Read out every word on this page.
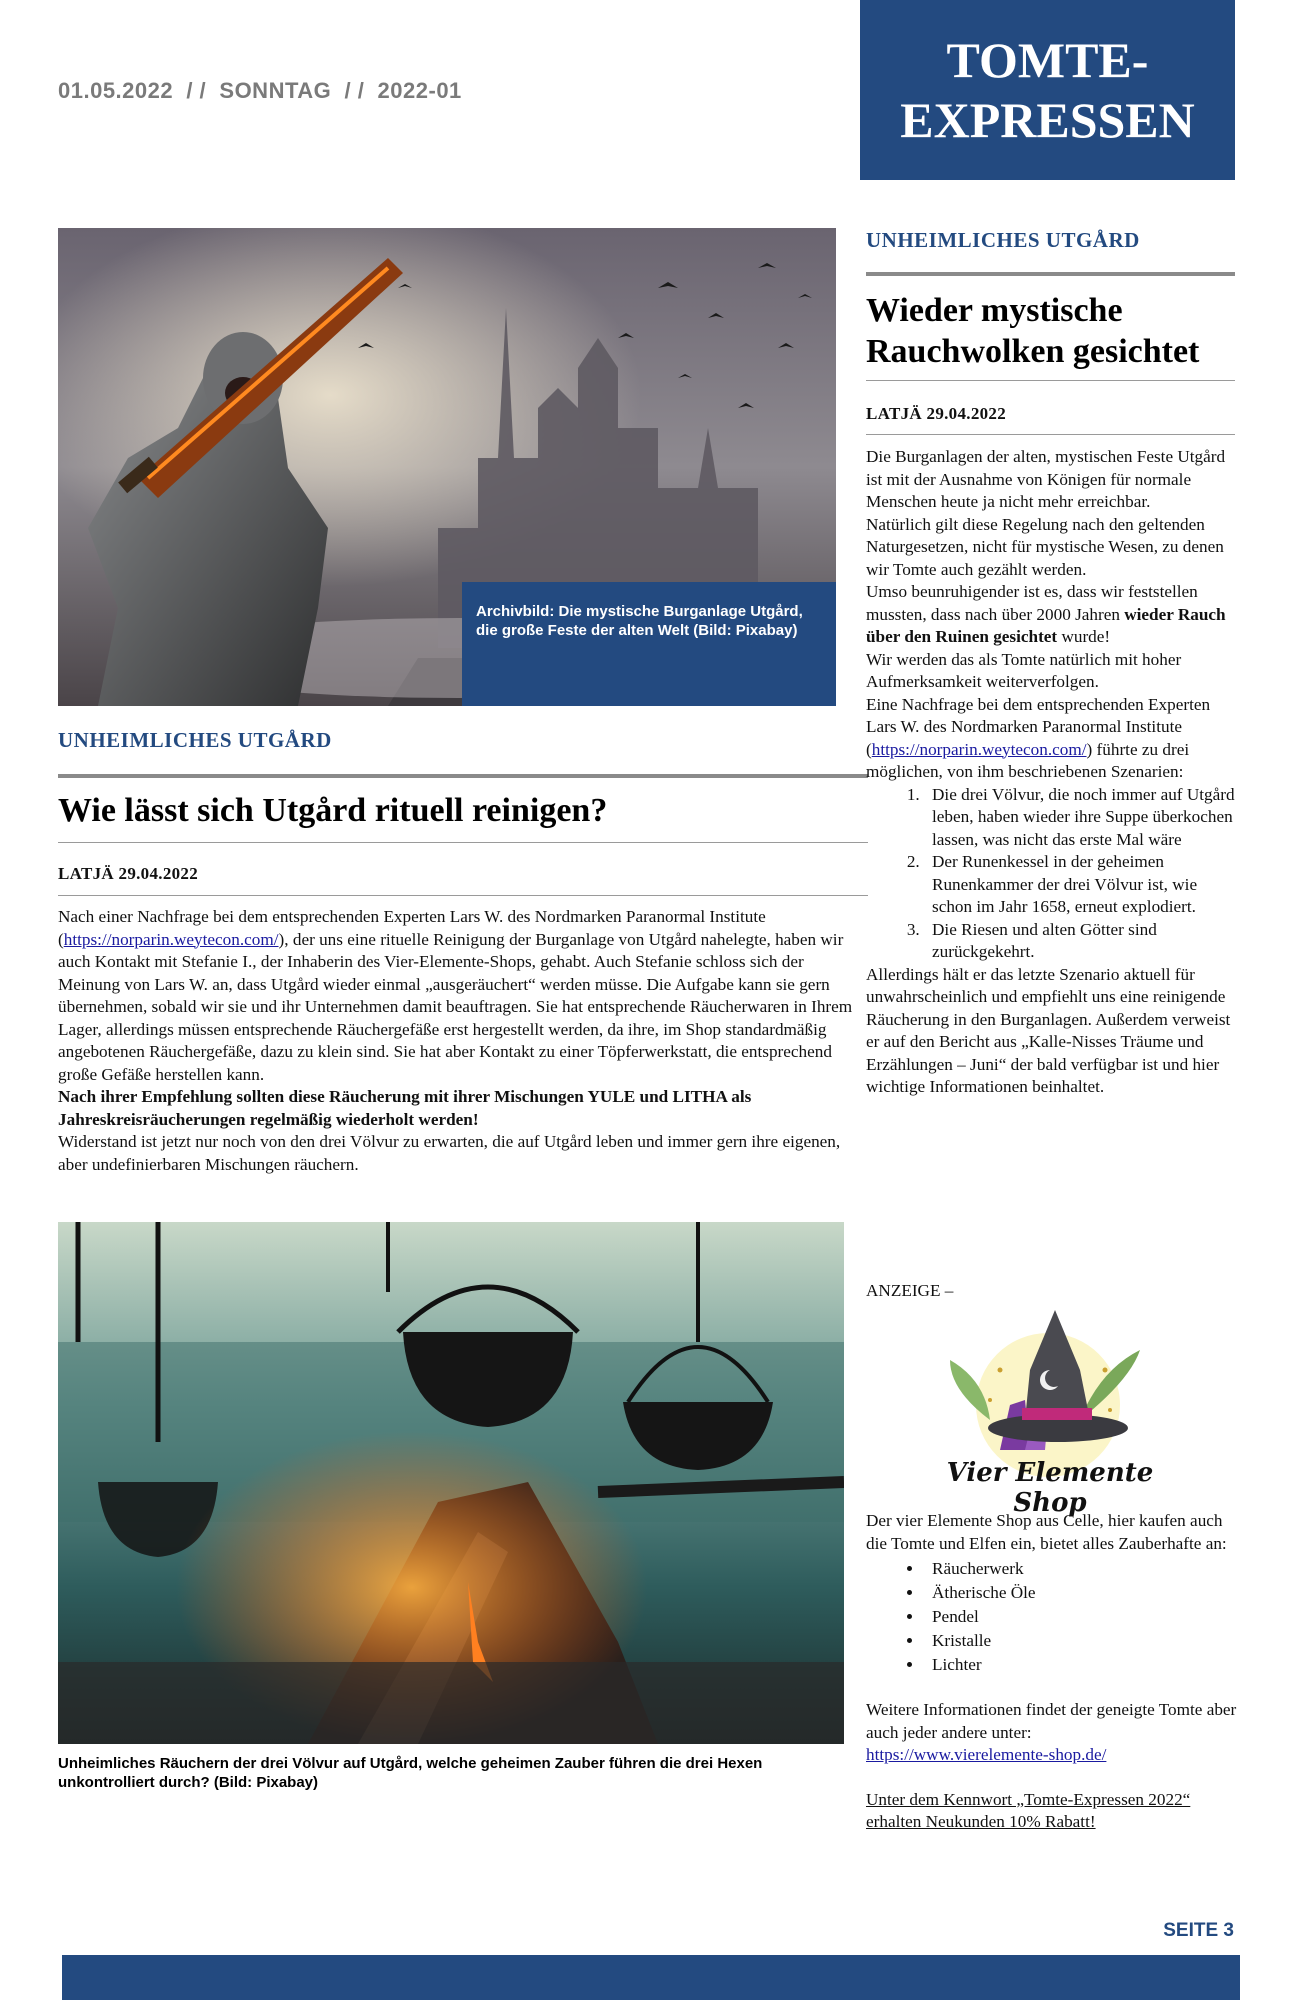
01.05.2022  / /  SONNTAG  / /  2022-01
TOMTE-
EXPRESSEN
Archivbild: Die mystische Burganlage Utgård, die große Feste der alten Welt (Bild: Pixabay)
UNHEIMLICHES UTGÅRD
Wie lässt sich Utgård rituell reinigen?
LATJÄ 29.04.2022

Nach einer Nachfrage bei dem entsprechenden Experten Lars W. des Nordmarken Paranormal Institute (https://norparin.weytecon.com/), der uns eine rituelle Reinigung der Burganlage von Utgård nahelegte, haben wir auch Kontakt mit Stefanie I., der Inhaberin des Vier-Elemente-Shops, gehabt. Auch Stefanie schloss sich der Meinung von Lars W. an, dass Utgård wieder einmal „ausgeräuchert“ werden müsse. Die Aufgabe kann sie gern übernehmen, sobald wir sie und ihr Unternehmen damit beauftragen. Sie hat entsprechende Räucherwaren in Ihrem Lager, allerdings müssen entsprechende Räuchergefäße erst hergestellt werden, da ihre, im Shop standardmäßig angebotenen Räuchergefäße, dazu zu klein sind. Sie hat aber Kontakt zu einer Töpferwerkstatt, die entsprechend große Gefäße herstellen kann.

Nach ihrer Empfehlung sollten diese Räucherung mit ihrer Mischungen YULE und LITHA als Jahreskreisräucherungen regelmäßig wiederholt werden!

Widerstand ist jetzt nur noch von den drei Völvur zu erwarten, die auf Utgård leben und immer gern ihre eigenen, aber undefinierbaren Mischungen räuchern.

Unheimliches Räuchern der drei Völvur auf Utgård, welche geheimen Zauber führen die drei Hexen unkontrolliert durch? (Bild: Pixabay)
UNHEIMLICHES UTGÅRD
Wieder mystische Rauchwolken gesichtet
LATJÄ 29.04.2022

Die Burganlagen der alten, mystischen Feste Utgård ist mit der Ausnahme von Königen für normale Menschen heute ja nicht mehr erreichbar.

Natürlich gilt diese Regelung nach den geltenden Naturgesetzen, nicht für mystische Wesen, zu denen wir Tomte auch gezählt werden.

Umso beunruhigender ist es, dass wir feststellen mussten, dass nach über 2000 Jahren wieder Rauch über den Ruinen gesichtet wurde!

Wir werden das als Tomte natürlich mit hoher Aufmerksamkeit weiterverfolgen.

Eine Nachfrage bei dem entsprechenden Experten Lars W. des Nordmarken Paranormal Institute (https://norparin.weytecon.com/) führte zu drei möglichen, von ihm beschriebenen Szenarien:

1. Die drei Völvur, die noch immer auf Utgård leben, haben wieder ihre Suppe überkochen lassen, was nicht das erste Mal wäre
2. Der Runenkessel in der geheimen Runenkammer der drei Völvur ist, wie schon im Jahr 1658, erneut explodiert.
3. Die Riesen und alten Götter sind zurückgekehrt.

Allerdings hält er das letzte Szenario aktuell für unwahrscheinlich und empfiehlt uns eine reinigende Räucherung in den Burganlagen. Außerdem verweist er auf den Bericht aus „Kalle-Nisses Träume und Erzählungen – Juni“ der bald verfügbar ist und hier wichtige Informationen beinhaltet.

ANZEIGE –
Vier Elemente Shop

Der vier Elemente Shop aus Celle, hier kaufen auch die Tomte und Elfen ein, bietet alles Zauberhafte an:

• Räucherwerk
• Ätherische Öle
• Pendel
• Kristalle
• Lichter

Weitere Informationen findet der geneigte Tomte aber auch jeder andere unter:

https://www.vierelemente-shop.de/

Unter dem Kennwort „Tomte-Expressen 2022“ erhalten Neukunden 10% Rabatt!

SEITE 3
